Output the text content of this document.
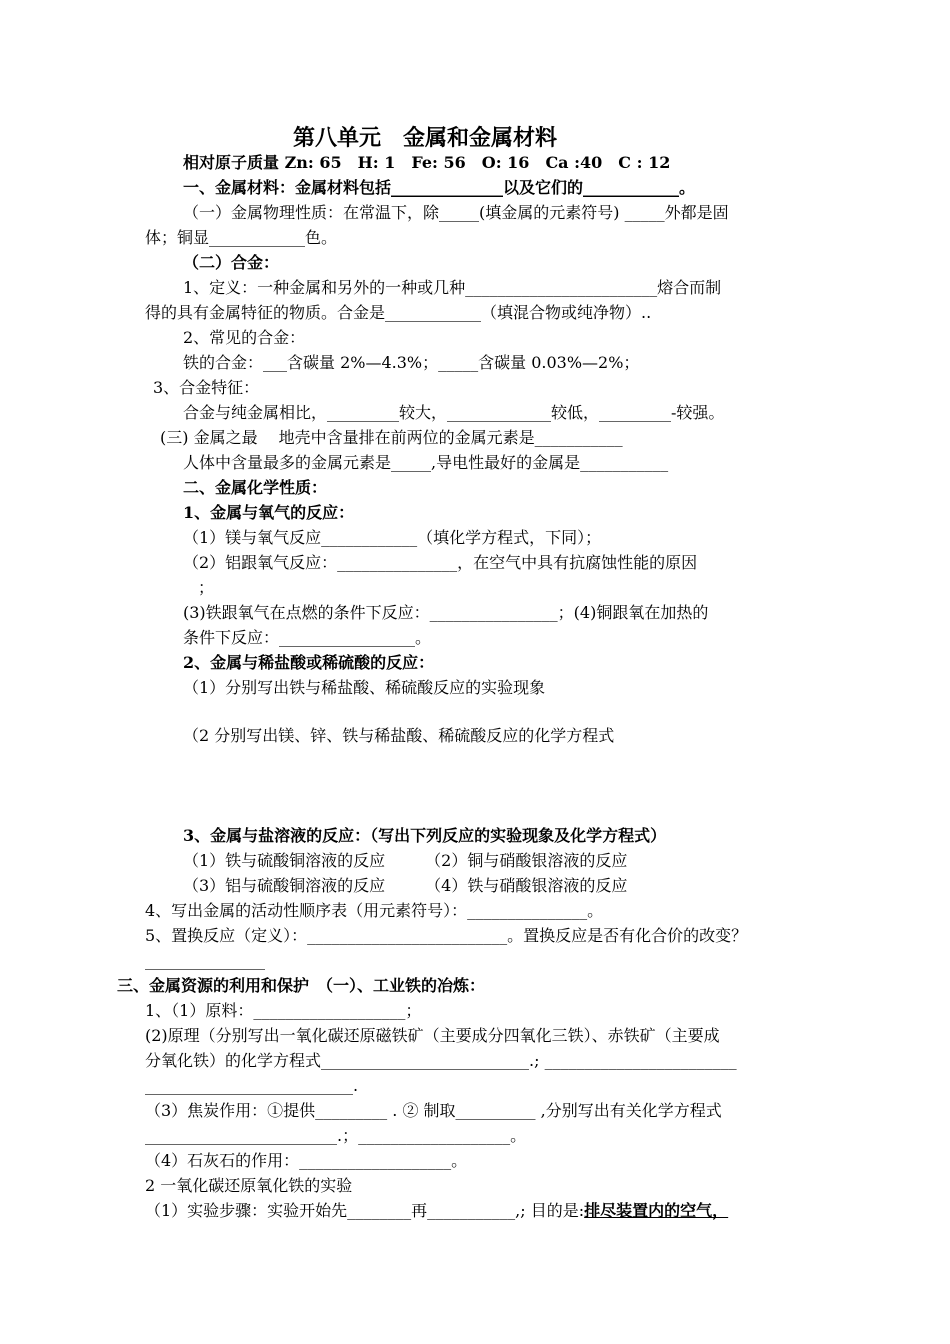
第八单元　金属和金属材料
相对原子质量 Zn: 65　H: 1　Fe: 56　O: 16　Ca :40　C : 12
一、金属材料：金属材料包括______________以及它们的____________。
（一）金属物理性质：在常温下，除_____(填金属的元素符号) _____外都是固
体；铜显____________色。
（二）合金：
1、定义：一种金属和另外的一种或几种________________________熔合而制
得的具有金属特征的物质。合金是____________（填混合物或纯净物）..
2、常见的合金：
铁的合金：___含碳量 2%—4.3%；_____含碳量 0.03%—2%；
3、合金特征：
合金与纯金属相比，_________较大，_____________较低，_________-较强。
(三) 金属之最　 地壳中含量排在前两位的金属元素是___________
人体中含量最多的金属元素是_____,导电性最好的金属是___________
二、金属化学性质：
1、金属与氧气的反应：
（1）镁与氧气反应____________（填化学方程式，下同）；
（2）铝跟氧气反应：_______________，在空气中具有抗腐蚀性能的原因
；
(3)铁跟氧气在点燃的条件下反应：________________；(4)铜跟氧在加热的
条件下反应：_________________。
2、金属与稀盐酸或稀硫酸的反应：
（1）分别写出铁与稀盐酸、稀硫酸反应的实验现象
（2 分别写出镁、锌、铁与稀盐酸、稀硫酸反应的化学方程式
3、金属与盐溶液的反应：（写出下列反应的实验现象及化学方程式）
（1）铁与硫酸铜溶液的反应　　　（2）铜与硝酸银溶液的反应
（3）铝与硫酸铜溶液的反应　　　（4）铁与硝酸银溶液的反应
4、写出金属的活动性顺序表（用元素符号）：_______________。
5、置换反应（定义）：_________________________。置换反应是否有化合价的改变？
_______________
三、金属资源的利用和保护　（一）、工业铁的冶炼：
1、（1）原料：___________________；
(2)原理（分别写出一氧化碳还原磁铁矿（主要成分四氧化三铁）、赤铁矿（主要成
分氧化铁）的化学方程式__________________________.; ________________________
__________________________.
（3）焦炭作用：①提供_________ . ② 制取__________ ,分别写出有关化学方程式
________________________.；___________________。
（4）石灰石的作用：___________________。
2 一氧化碳还原氧化铁的实验
（1）实验步骤：实验开始先________再___________,; 目的是:排尽装置内的空气，
